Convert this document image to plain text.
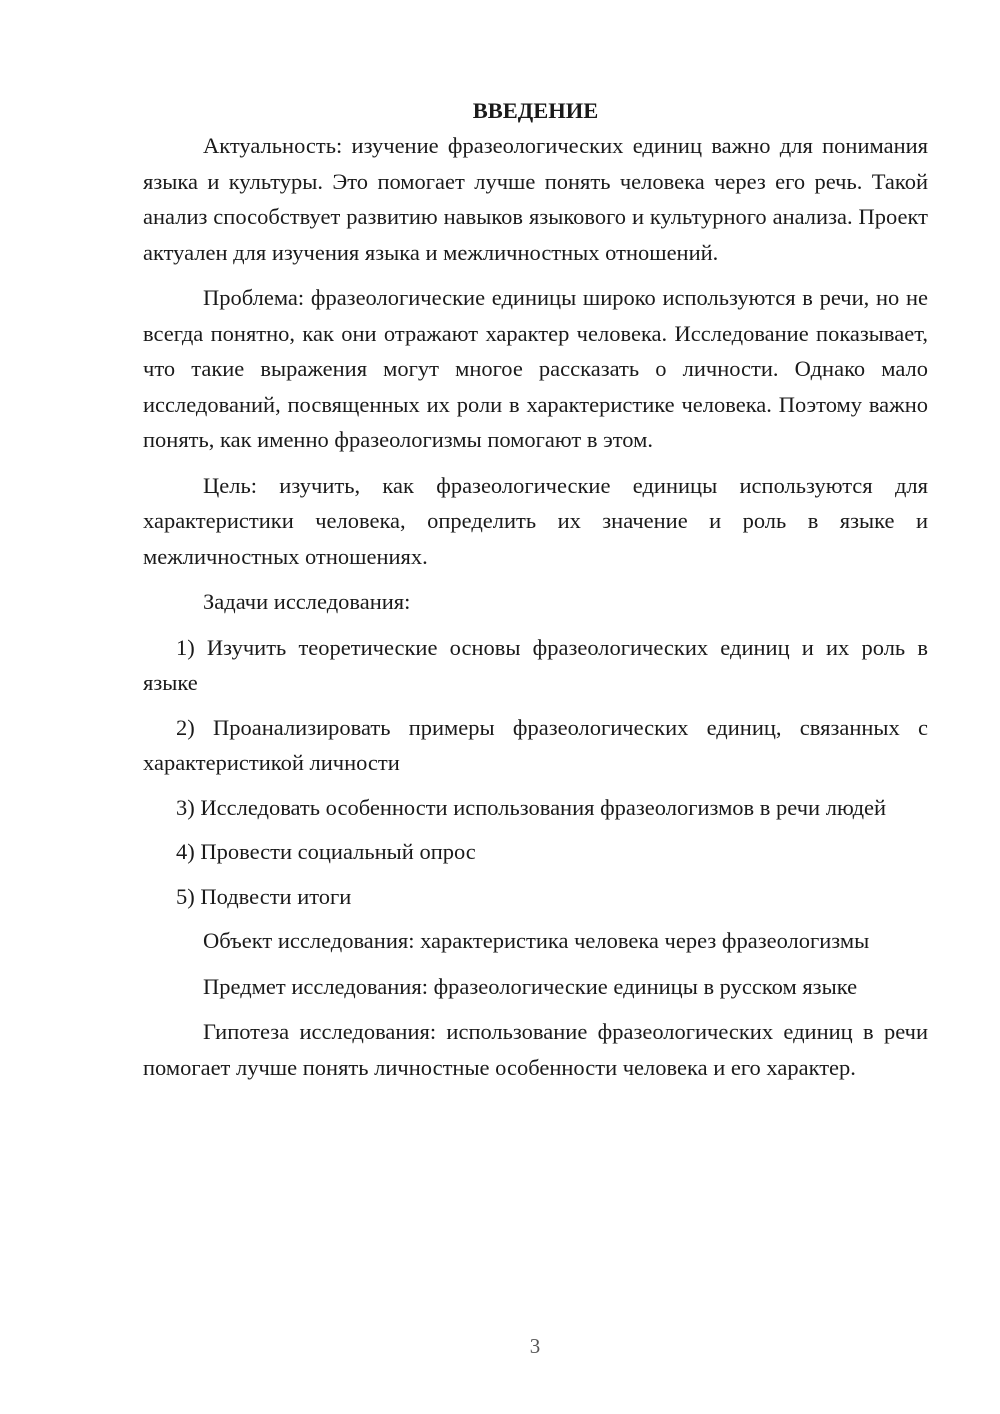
ВВЕДЕНИЕ

Актуальность: изучение фразеологических единиц важно для понимания языка и культуры. Это помогает лучше понять человека через его речь. Такой анализ способствует развитию навыков языкового и культурного анализа. Проект актуален для изучения языка и межличностных отношений.

Проблема: фразеологические единицы широко используются в речи, но не всегда понятно, как они отражают характер человека. Исследование показывает, что такие выражения могут многое рассказать о личности. Однако мало исследований, посвященных их роли в характеристике человека. Поэтому важно понять, как именно фразеологизмы помогают в этом.

Цель: изучить, как фразеологические единицы используются для характеристики человека, определить их значение и роль в языке и межличностных отношениях.

Задачи исследования:

1) Изучить теоретические основы фразеологических единиц и их роль в языке

2) Проанализировать примеры фразеологических единиц, связанных с характеристикой личности

3) Исследовать особенности использования фразеологизмов в речи людей

4) Провести социальный опрос

5) Подвести итоги

Объект исследования: характеристика человека через фразеологизмы

Предмет исследования: фразеологические единицы в русском языке

Гипотеза исследования: использование фразеологических единиц в речи помогает лучше понять личностные особенности человека и его характер.

3
